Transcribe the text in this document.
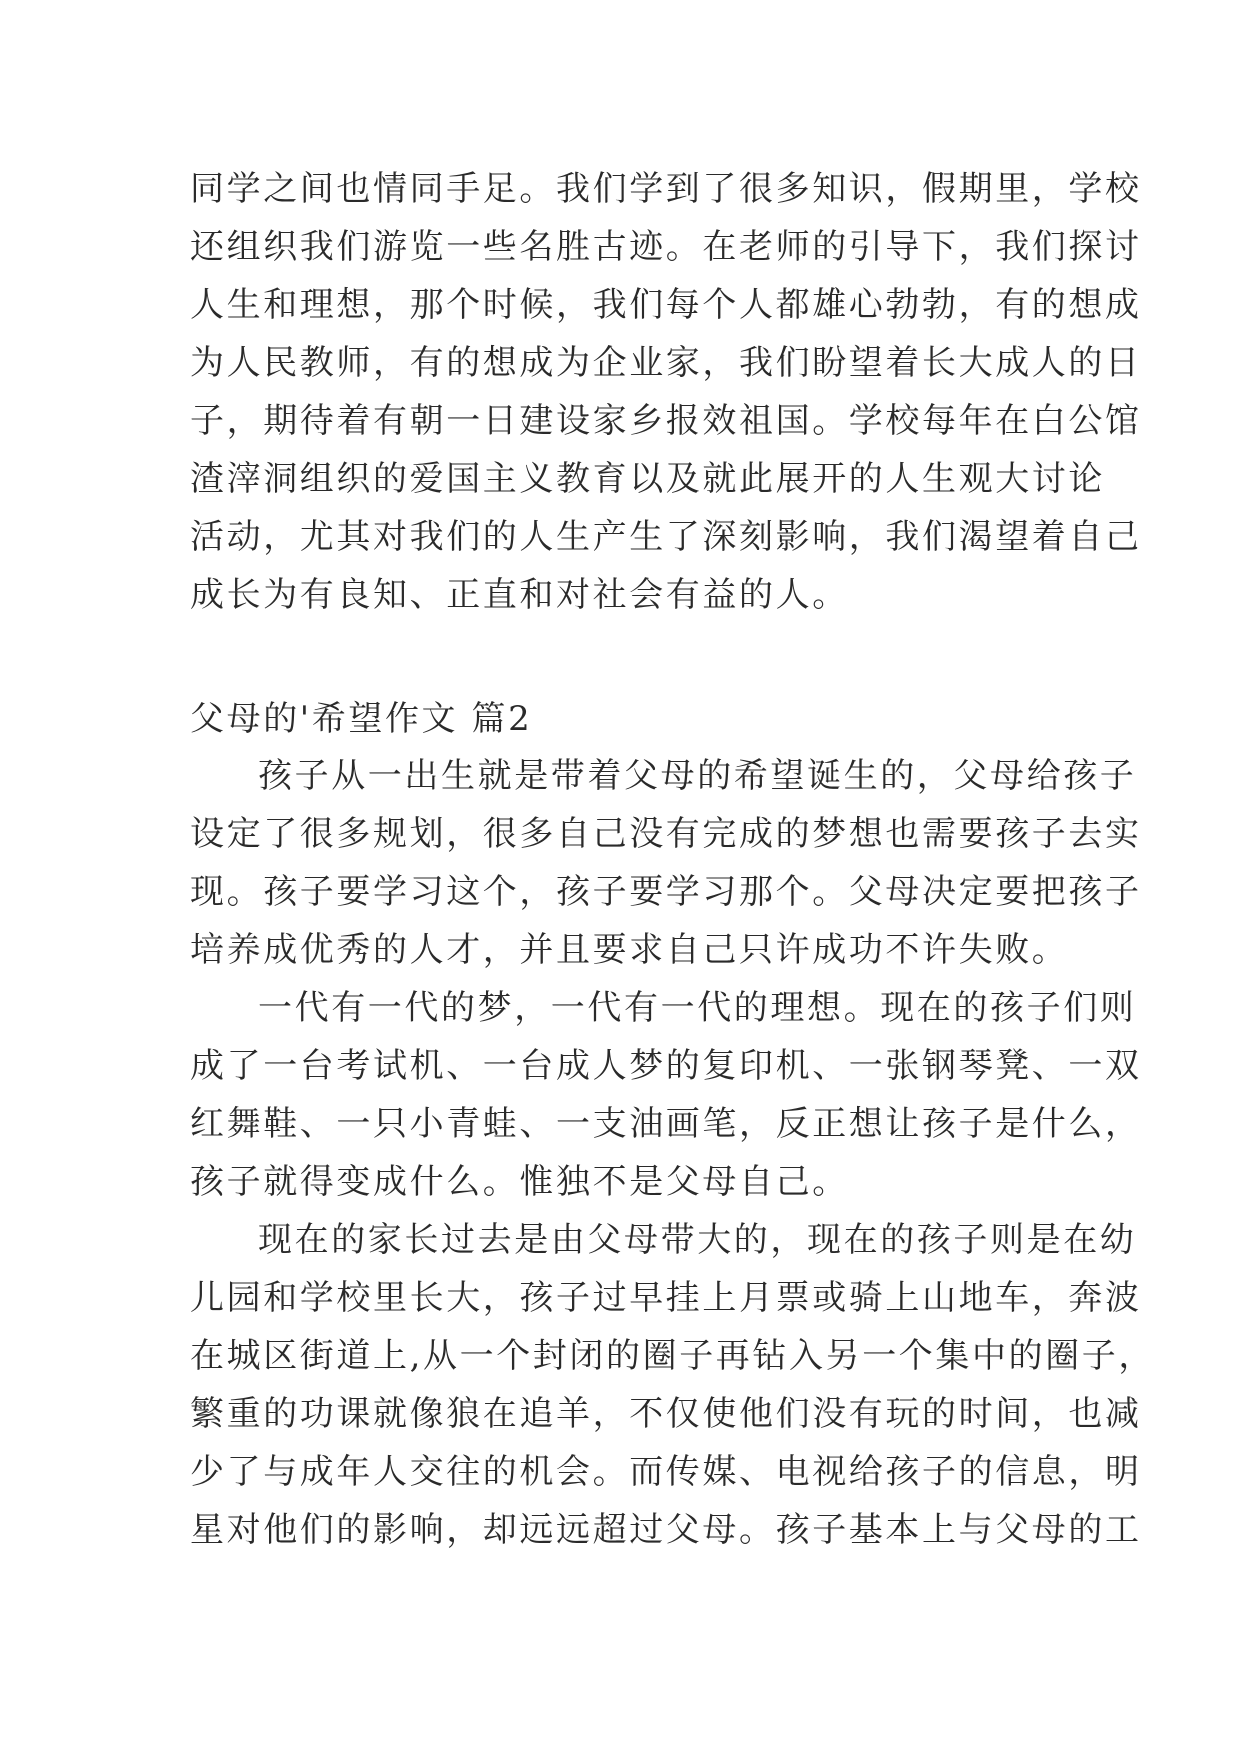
同学之间也情同手足。我们学到了很多知识，假期里，学校
还组织我们游览一些名胜古迹。在老师的引导下，我们探讨
人生和理想，那个时候，我们每个人都雄心勃勃，有的想成
为人民教师，有的想成为企业家，我们盼望着长大成人的日
子，期待着有朝一日建设家乡报效祖国。学校每年在白公馆
渣滓洞组织的爱国主义教育以及就此展开的人生观大讨论
活动，尤其对我们的人生产生了深刻影响，我们渴望着自己
成长为有良知、正直和对社会有益的人。
父母的'希望作文 篇2
孩子从一出生就是带着父母的希望诞生的，父母给孩子
设定了很多规划，很多自己没有完成的梦想也需要孩子去实
现。孩子要学习这个，孩子要学习那个。父母决定要把孩子
培养成优秀的人才，并且要求自己只许成功不许失败。
一代有一代的梦，一代有一代的理想。现在的孩子们则
成了一台考试机、一台成人梦的复印机、一张钢琴凳、一双
红舞鞋、一只小青蛙、一支油画笔，反正想让孩子是什么，
孩子就得变成什么。惟独不是父母自己。
现在的家长过去是由父母带大的，现在的孩子则是在幼
儿园和学校里长大，孩子过早挂上月票或骑上山地车，奔波
在城区街道上,从一个封闭的圈子再钻入另一个集中的圈子，
繁重的功课就像狼在追羊，不仅使他们没有玩的时间，也减
少了与成年人交往的机会。而传媒、电视给孩子的信息，明
星对他们的影响，却远远超过父母。孩子基本上与父母的工
